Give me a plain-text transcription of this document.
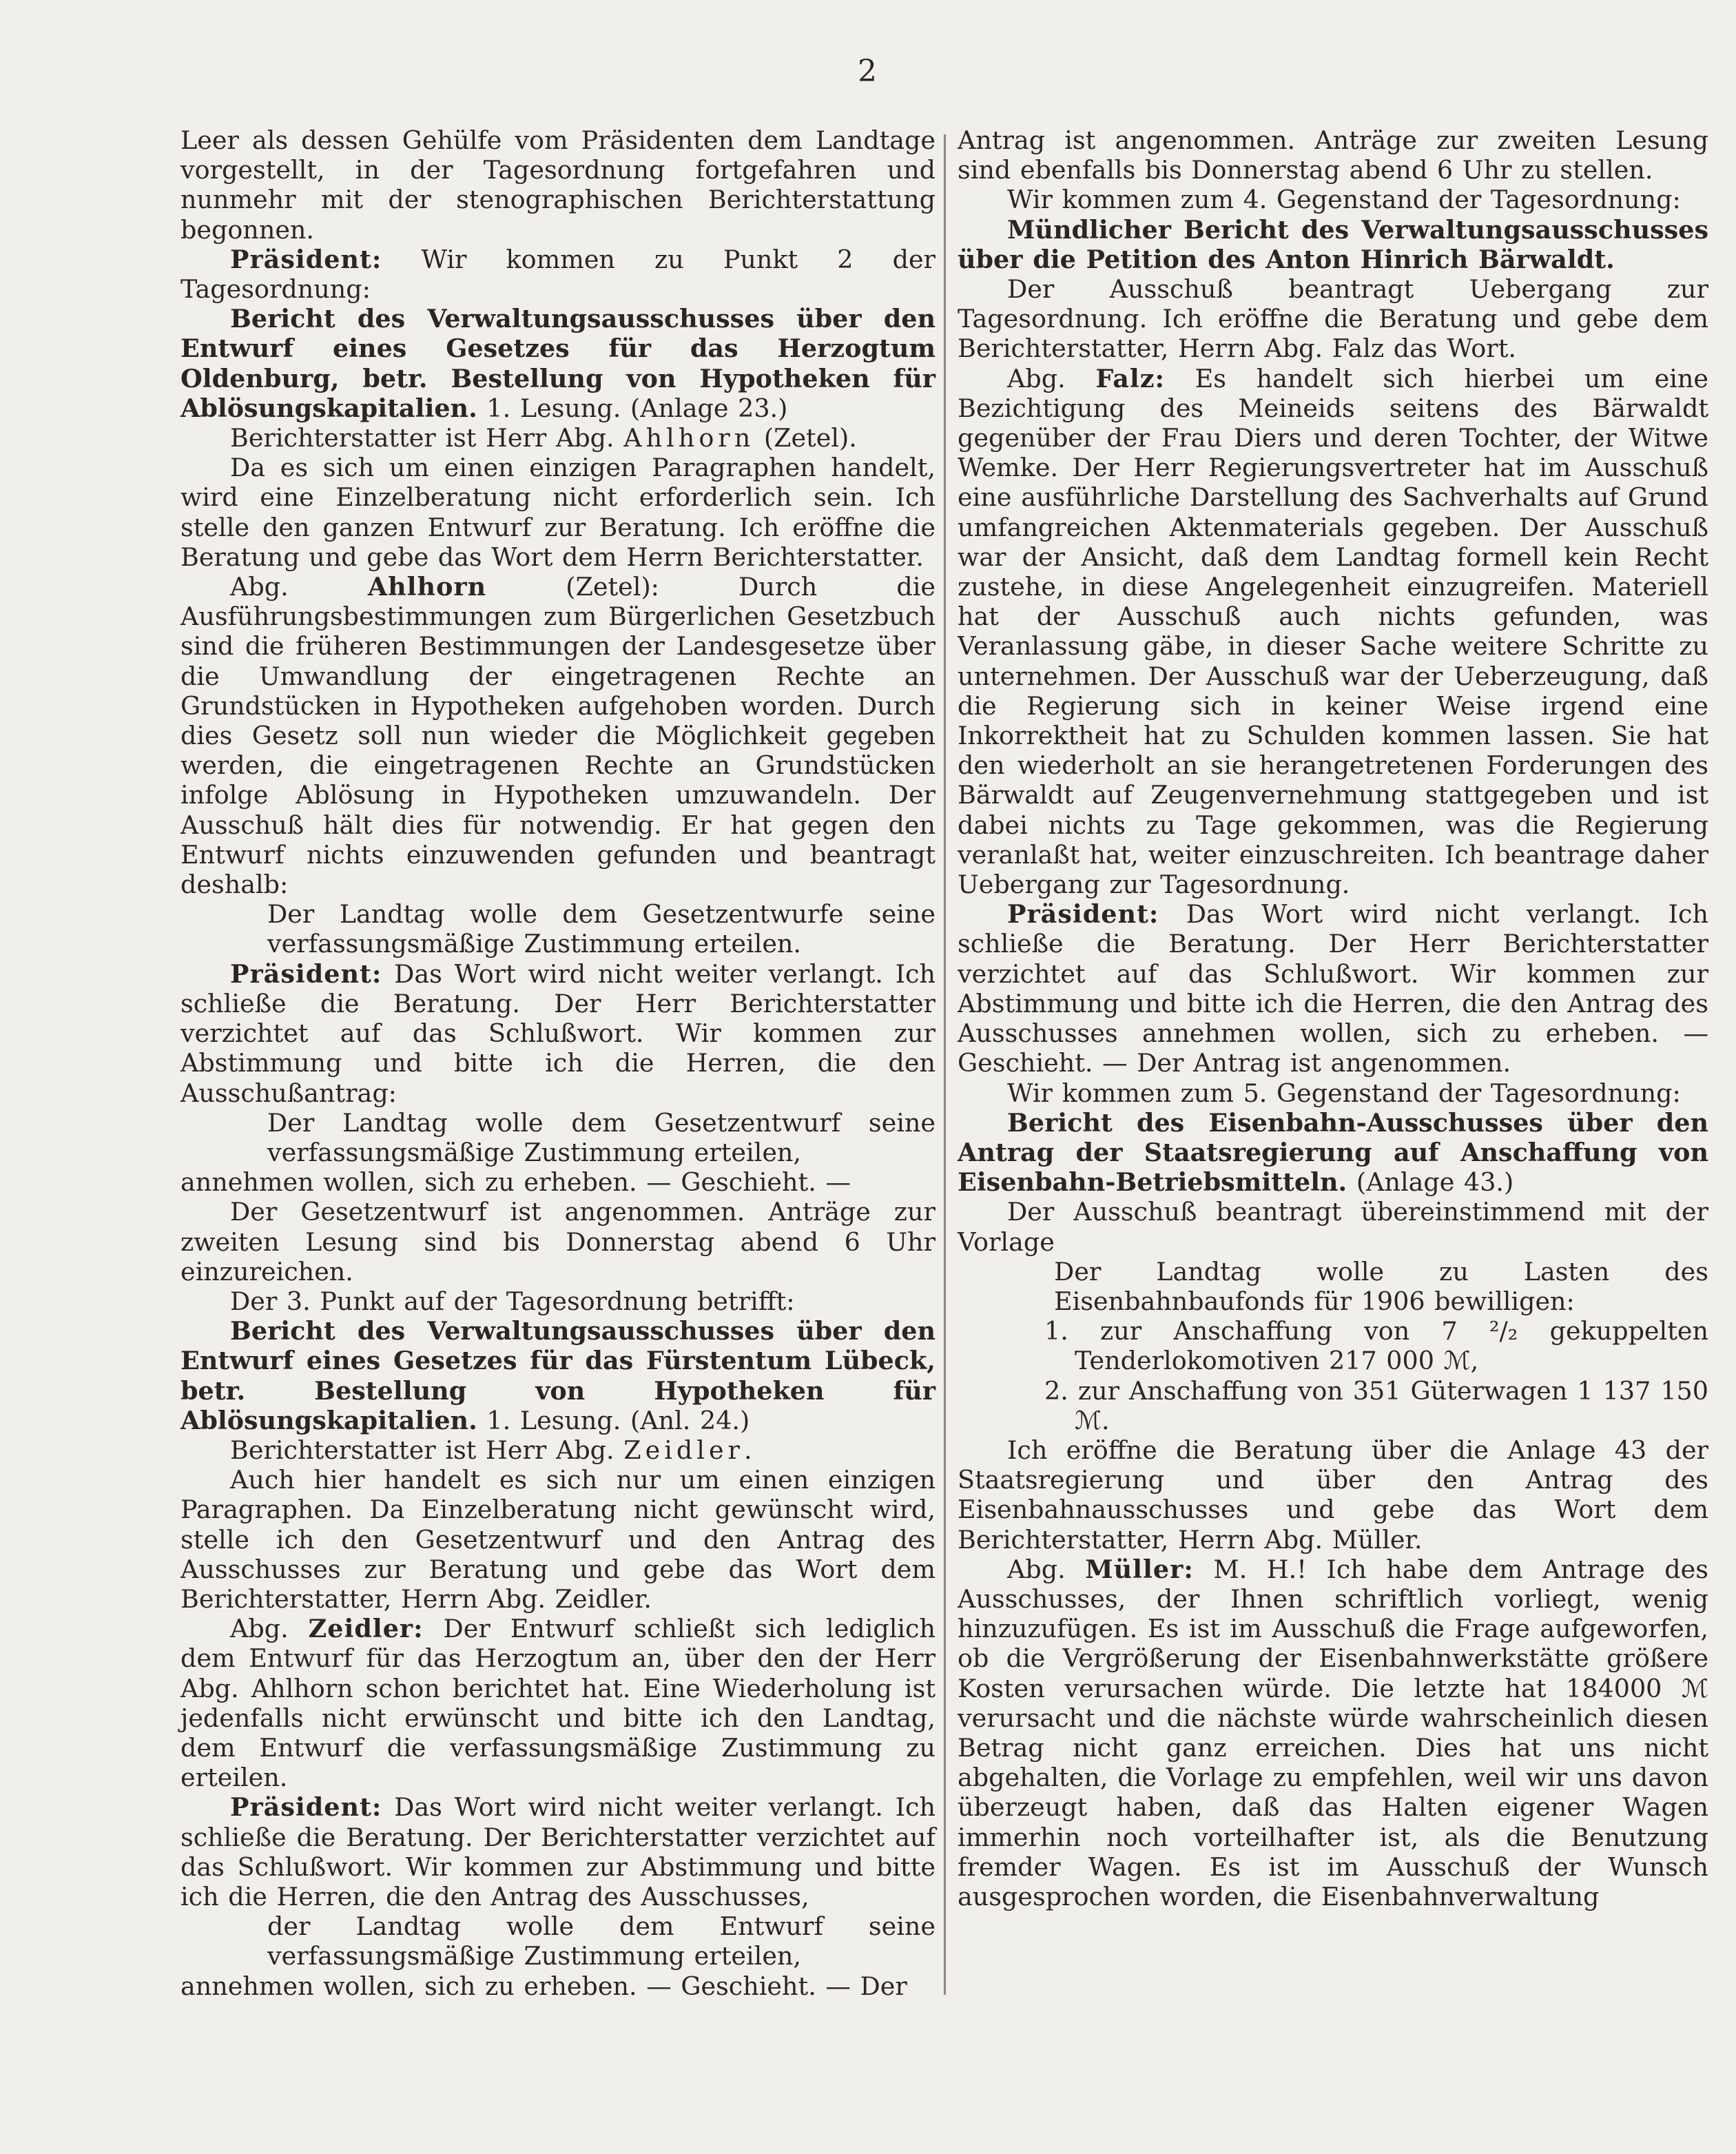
2

Leer als dessen Gehülfe vom Präsidenten dem Landtage vorgestellt, in der Tagesordnung fortgefahren und nunmehr mit der stenographischen Berichterstattung begonnen.

Präsident: Wir kommen zu Punkt 2 der Tagesordnung:

Bericht des Verwaltungsausschusses über den Entwurf eines Gesetzes für das Herzogtum Oldenburg, betr. Bestellung von Hypotheken für Ablösungskapitalien. 1. Lesung. (Anlage 23.)

Berichterstatter ist Herr Abg. Ahlhorn (Zetel).

Da es sich um einen einzigen Paragraphen handelt, wird eine Einzelberatung nicht erforderlich sein. Ich stelle den ganzen Entwurf zur Beratung. Ich eröffne die Beratung und gebe das Wort dem Herrn Berichterstatter.

Abg. Ahlhorn (Zetel): Durch die Ausführungsbestimmungen zum Bürgerlichen Gesetzbuch sind die früheren Bestimmungen der Landesgesetze über die Umwandlung der eingetragenen Rechte an Grundstücken in Hypotheken aufgehoben worden. Durch dies Gesetz soll nun wieder die Möglichkeit gegeben werden, die eingetragenen Rechte an Grundstücken infolge Ablösung in Hypotheken umzuwandeln. Der Ausschuß hält dies für notwendig. Er hat gegen den Entwurf nichts einzuwenden gefunden und beantragt deshalb:

Der Landtag wolle dem Gesetzentwurfe seine verfassungsmäßige Zustimmung erteilen.

Präsident: Das Wort wird nicht weiter verlangt. Ich schließe die Beratung. Der Herr Berichterstatter verzichtet auf das Schlußwort. Wir kommen zur Abstimmung und bitte ich die Herren, die den Ausschußantrag:

Der Landtag wolle dem Gesetzentwurf seine verfassungsmäßige Zustimmung erteilen,

annehmen wollen, sich zu erheben. — Geschieht. —

Der Gesetzentwurf ist angenommen. Anträge zur zweiten Lesung sind bis Donnerstag abend 6 Uhr einzureichen.

Der 3. Punkt auf der Tagesordnung betrifft:

Bericht des Verwaltungsausschusses über den Entwurf eines Gesetzes für das Fürstentum Lübeck, betr. Bestellung von Hypotheken für Ablösungskapitalien. 1. Lesung. (Anl. 24.)

Berichterstatter ist Herr Abg. Zeidler.

Auch hier handelt es sich nur um einen einzigen Paragraphen. Da Einzelberatung nicht gewünscht wird, stelle ich den Gesetzentwurf und den Antrag des Ausschusses zur Beratung und gebe das Wort dem Berichterstatter, Herrn Abg. Zeidler.

Abg. Zeidler: Der Entwurf schließt sich lediglich dem Entwurf für das Herzogtum an, über den der Herr Abg. Ahlhorn schon berichtet hat. Eine Wiederholung ist jedenfalls nicht erwünscht und bitte ich den Landtag, dem Entwurf die verfassungsmäßige Zustimmung zu erteilen.

Präsident: Das Wort wird nicht weiter verlangt. Ich schließe die Beratung. Der Berichterstatter verzichtet auf das Schlußwort. Wir kommen zur Abstimmung und bitte ich die Herren, die den Antrag des Ausschusses,

der Landtag wolle dem Entwurf seine verfassungsmäßige Zustimmung erteilen,

annehmen wollen, sich zu erheben. — Geschieht. — Der

Antrag ist angenommen. Anträge zur zweiten Lesung sind ebenfalls bis Donnerstag abend 6 Uhr zu stellen.

Wir kommen zum 4. Gegenstand der Tagesordnung:

Mündlicher Bericht des Verwaltungsausschusses über die Petition des Anton Hinrich Bärwaldt.

Der Ausschuß beantragt Uebergang zur Tagesordnung. Ich eröffne die Beratung und gebe dem Berichterstatter, Herrn Abg. Falz das Wort.

Abg. Falz: Es handelt sich hierbei um eine Bezichtigung des Meineids seitens des Bärwaldt gegenüber der Frau Diers und deren Tochter, der Witwe Wemke. Der Herr Regierungsvertreter hat im Ausschuß eine ausführliche Darstellung des Sachverhalts auf Grund umfangreichen Aktenmaterials gegeben. Der Ausschuß war der Ansicht, daß dem Landtag formell kein Recht zustehe, in diese Angelegenheit einzugreifen. Materiell hat der Ausschuß auch nichts gefunden, was Veranlassung gäbe, in dieser Sache weitere Schritte zu unternehmen. Der Ausschuß war der Ueberzeugung, daß die Regierung sich in keiner Weise irgend eine Inkorrektheit hat zu Schulden kommen lassen. Sie hat den wiederholt an sie herangetretenen Forderungen des Bärwaldt auf Zeugenvernehmung stattgegeben und ist dabei nichts zu Tage gekommen, was die Regierung veranlaßt hat, weiter einzuschreiten. Ich beantrage daher Uebergang zur Tagesordnung.

Präsident: Das Wort wird nicht verlangt. Ich schließe die Beratung. Der Herr Berichterstatter verzichtet auf das Schlußwort. Wir kommen zur Abstimmung und bitte ich die Herren, die den Antrag des Ausschusses annehmen wollen, sich zu erheben. — Geschieht. — Der Antrag ist angenommen.

Wir kommen zum 5. Gegenstand der Tagesordnung:

Bericht des Eisenbahn-Ausschusses über den Antrag der Staatsregierung auf Anschaffung von Eisenbahn-Betriebsmitteln. (Anlage 43.)

Der Ausschuß beantragt übereinstimmend mit der Vorlage

Der Landtag wolle zu Lasten des Eisenbahnbaufonds für 1906 bewilligen:

1. zur Anschaffung von 7 ²/₂ gekuppelten Tenderlokomotiven 217 000 ℳ,

2. zur Anschaffung von 351 Güterwagen 1 137 150 ℳ.

Ich eröffne die Beratung über die Anlage 43 der Staatsregierung und über den Antrag des Eisenbahnausschusses und gebe das Wort dem Berichterstatter, Herrn Abg. Müller.

Abg. Müller: M. H.! Ich habe dem Antrage des Ausschusses, der Ihnen schriftlich vorliegt, wenig hinzuzufügen. Es ist im Ausschuß die Frage aufgeworfen, ob die Vergrößerung der Eisenbahnwerkstätte größere Kosten verursachen würde. Die letzte hat 184000 ℳ verursacht und die nächste würde wahrscheinlich diesen Betrag nicht ganz erreichen. Dies hat uns nicht abgehalten, die Vorlage zu empfehlen, weil wir uns davon überzeugt haben, daß das Halten eigener Wagen immerhin noch vorteilhafter ist, als die Benutzung fremder Wagen. Es ist im Ausschuß der Wunsch ausgesprochen worden, die Eisenbahnverwaltung
